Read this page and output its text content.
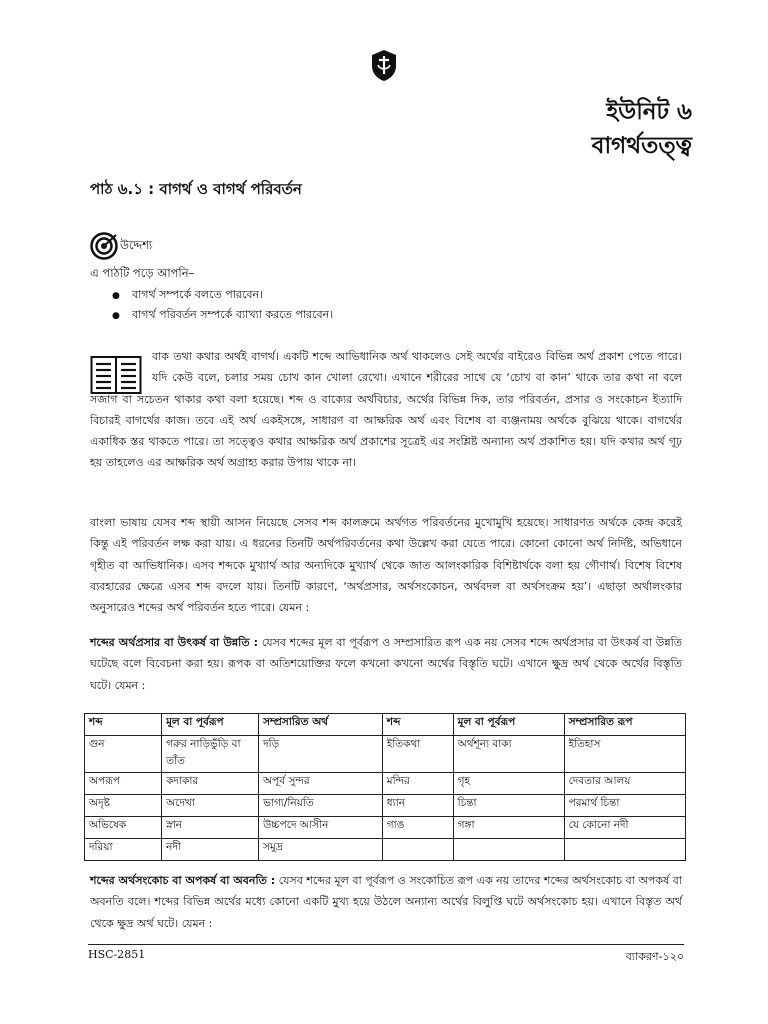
ইউনিট ৬
বাগর্থতত্ত্ব
পাঠ ৬.১ : বাগর্থ ও বাগর্থ পরিবর্তন
উদ্দেশ্য
এ পাঠটি পড়ে আপনি–
● বাগর্থ সম্পর্কে বলতে পারবেন।
● বাগর্থ পরিবর্তন সম্পর্কে ব্যাখ্যা করতে পারবেন।
বাক তথা কথার অর্থই বাগর্থ। একটি শব্দে আভিধানিক অর্থ থাকলেও সেই অর্থের বাইরেও বিভিন্ন অর্থ প্রকাশ পেতে পারে। যদি কেউ বলে, চলার সময় চোখ কান খোলা রেখো। এখানে শরীরের সাথে যে ‘চোখ বা কান’ থাকে তার কথা না বলে সজাগ বা সচেতন থাকার কথা বলা হয়েছে। শব্দ ও বাক্যের অর্থবিচার, অর্থের বিভিন্ন দিক, তার পরিবর্তন, প্রসার ও সংকোচন ইত্যাদি বিচারই বাগর্থের কাজ। তবে এই অর্থ একইসঙ্গে, সাধারণ বা আক্ষরিক অর্থ এবং বিশেষ বা ব্যঞ্জনাময় অর্থকে বুঝিয়ে থাকে। বাগর্থের একাধিক স্তর থাকতে পারে। তা সত্ত্বেও কথার আক্ষরিক অর্থ প্রকাশের সূত্রেই এর সংশ্লিষ্ট অন্যান্য অর্থ প্রকাশিত হয়। যদি কথার অর্থ গূঢ় হয় তাহলেও এর আক্ষরিক অর্থ অগ্রাহ্য করার উপায় থাকে না।
বাংলা ভাষায় যেসব শব্দ স্থায়ী আসন নিয়েছে সেসব শব্দ কালক্রমে অর্থগত পরিবর্তনের মুখোমুখি হয়েছে। সাধারণত অর্থকে কেন্দ্র করেই কিন্তু এই পরিবর্তন লক্ষ করা যায়। এ ধরনের তিনটি অর্থপরিবর্তনের কথা উল্লেখ করা যেতে পারে। কোনো কোনো অর্থ নির্দিষ্ট, অভিধানে গৃহীত বা আভিধানিক। এসব শব্দকে মুখ্যার্থ আর অন্যদিকে মুখ্যার্থ থেকে জাত আলংকারিক বিশিষ্টার্থকে বলা হয় গৌণার্থ। বিশেষ বিশেষ ব্যবহারের ক্ষেত্রে এসব শব্দ বদলে যায়। তিনটি কারণে, ‘অর্থপ্রসার, অর্থসংকোচন, অর্থবদল বা অর্থসংক্রম হয়’। এছাড়া অর্থালংকার অনুসারেও শব্দের অর্থ পরিবর্তন হতে পারে। যেমন :
শব্দের অর্থপ্রসার বা উৎকর্ষ বা উন্নতি : যেসব শব্দের মূল বা পূর্বরূপ ও সম্প্রসারিত রূপ এক নয় সেসব শব্দে অর্থপ্রসার বা উৎকর্ষ বা উন্নতি ঘটেছে বলে বিবেচনা করা হয়। রূপক বা অতিশয়োক্তির ফলে কখনো কখনো অর্থের বিস্তৃতি ঘটে। এখানে ক্ষুদ্র অর্থ থেকে অর্থের বিস্তৃতি ঘটে। যেমন :
শব্দ	মূল বা পূর্বরূপ	সম্প্রসারিত অর্থ	শব্দ	মূল বা পূর্বরূপ	সম্প্রসারিত রূপ
গুন	গরুর নাড়িভুঁড়ি বা তাঁত	দড়ি	ইতিকথা	অর্থশূন্য বাক্য	ইতিহাস
অপরূপ	কদাকার	অপূর্ব সুন্দর	মন্দির	গৃহ	দেবতার আলয়
অদৃষ্ট	অদেখা	ভাগ্য/নিয়তি	ধ্যান	চিন্তা	পরমার্থ চিন্তা
অভিষেক	স্নান	উচ্চপদে আসীন	গাঙ	গঙ্গা	যে কোনো নদী
দরিয়া	নদী	সমুদ্র			
শব্দের অর্থসংকোচ বা অপকর্ষ বা অবনতি : যেসব শব্দের মূল বা পূর্বরূপ ও সংকোচিত রূপ এক নয় তাদের শব্দের অর্থসংকোচ বা অপকর্ষ বা অবনতি বলে। শব্দের বিভিন্ন অর্থের মধ্যে কোনো একটি মুখ্য হয়ে উঠলে অন্যান্য অর্থের বিলুপ্তি ঘটে অর্থসংকোচ হয়। এখানে বিস্তৃত অর্থ থেকে ক্ষুদ্র অর্থ ঘটে। যেমন :
HSC-2851	ব্যাকরণ-১২০
